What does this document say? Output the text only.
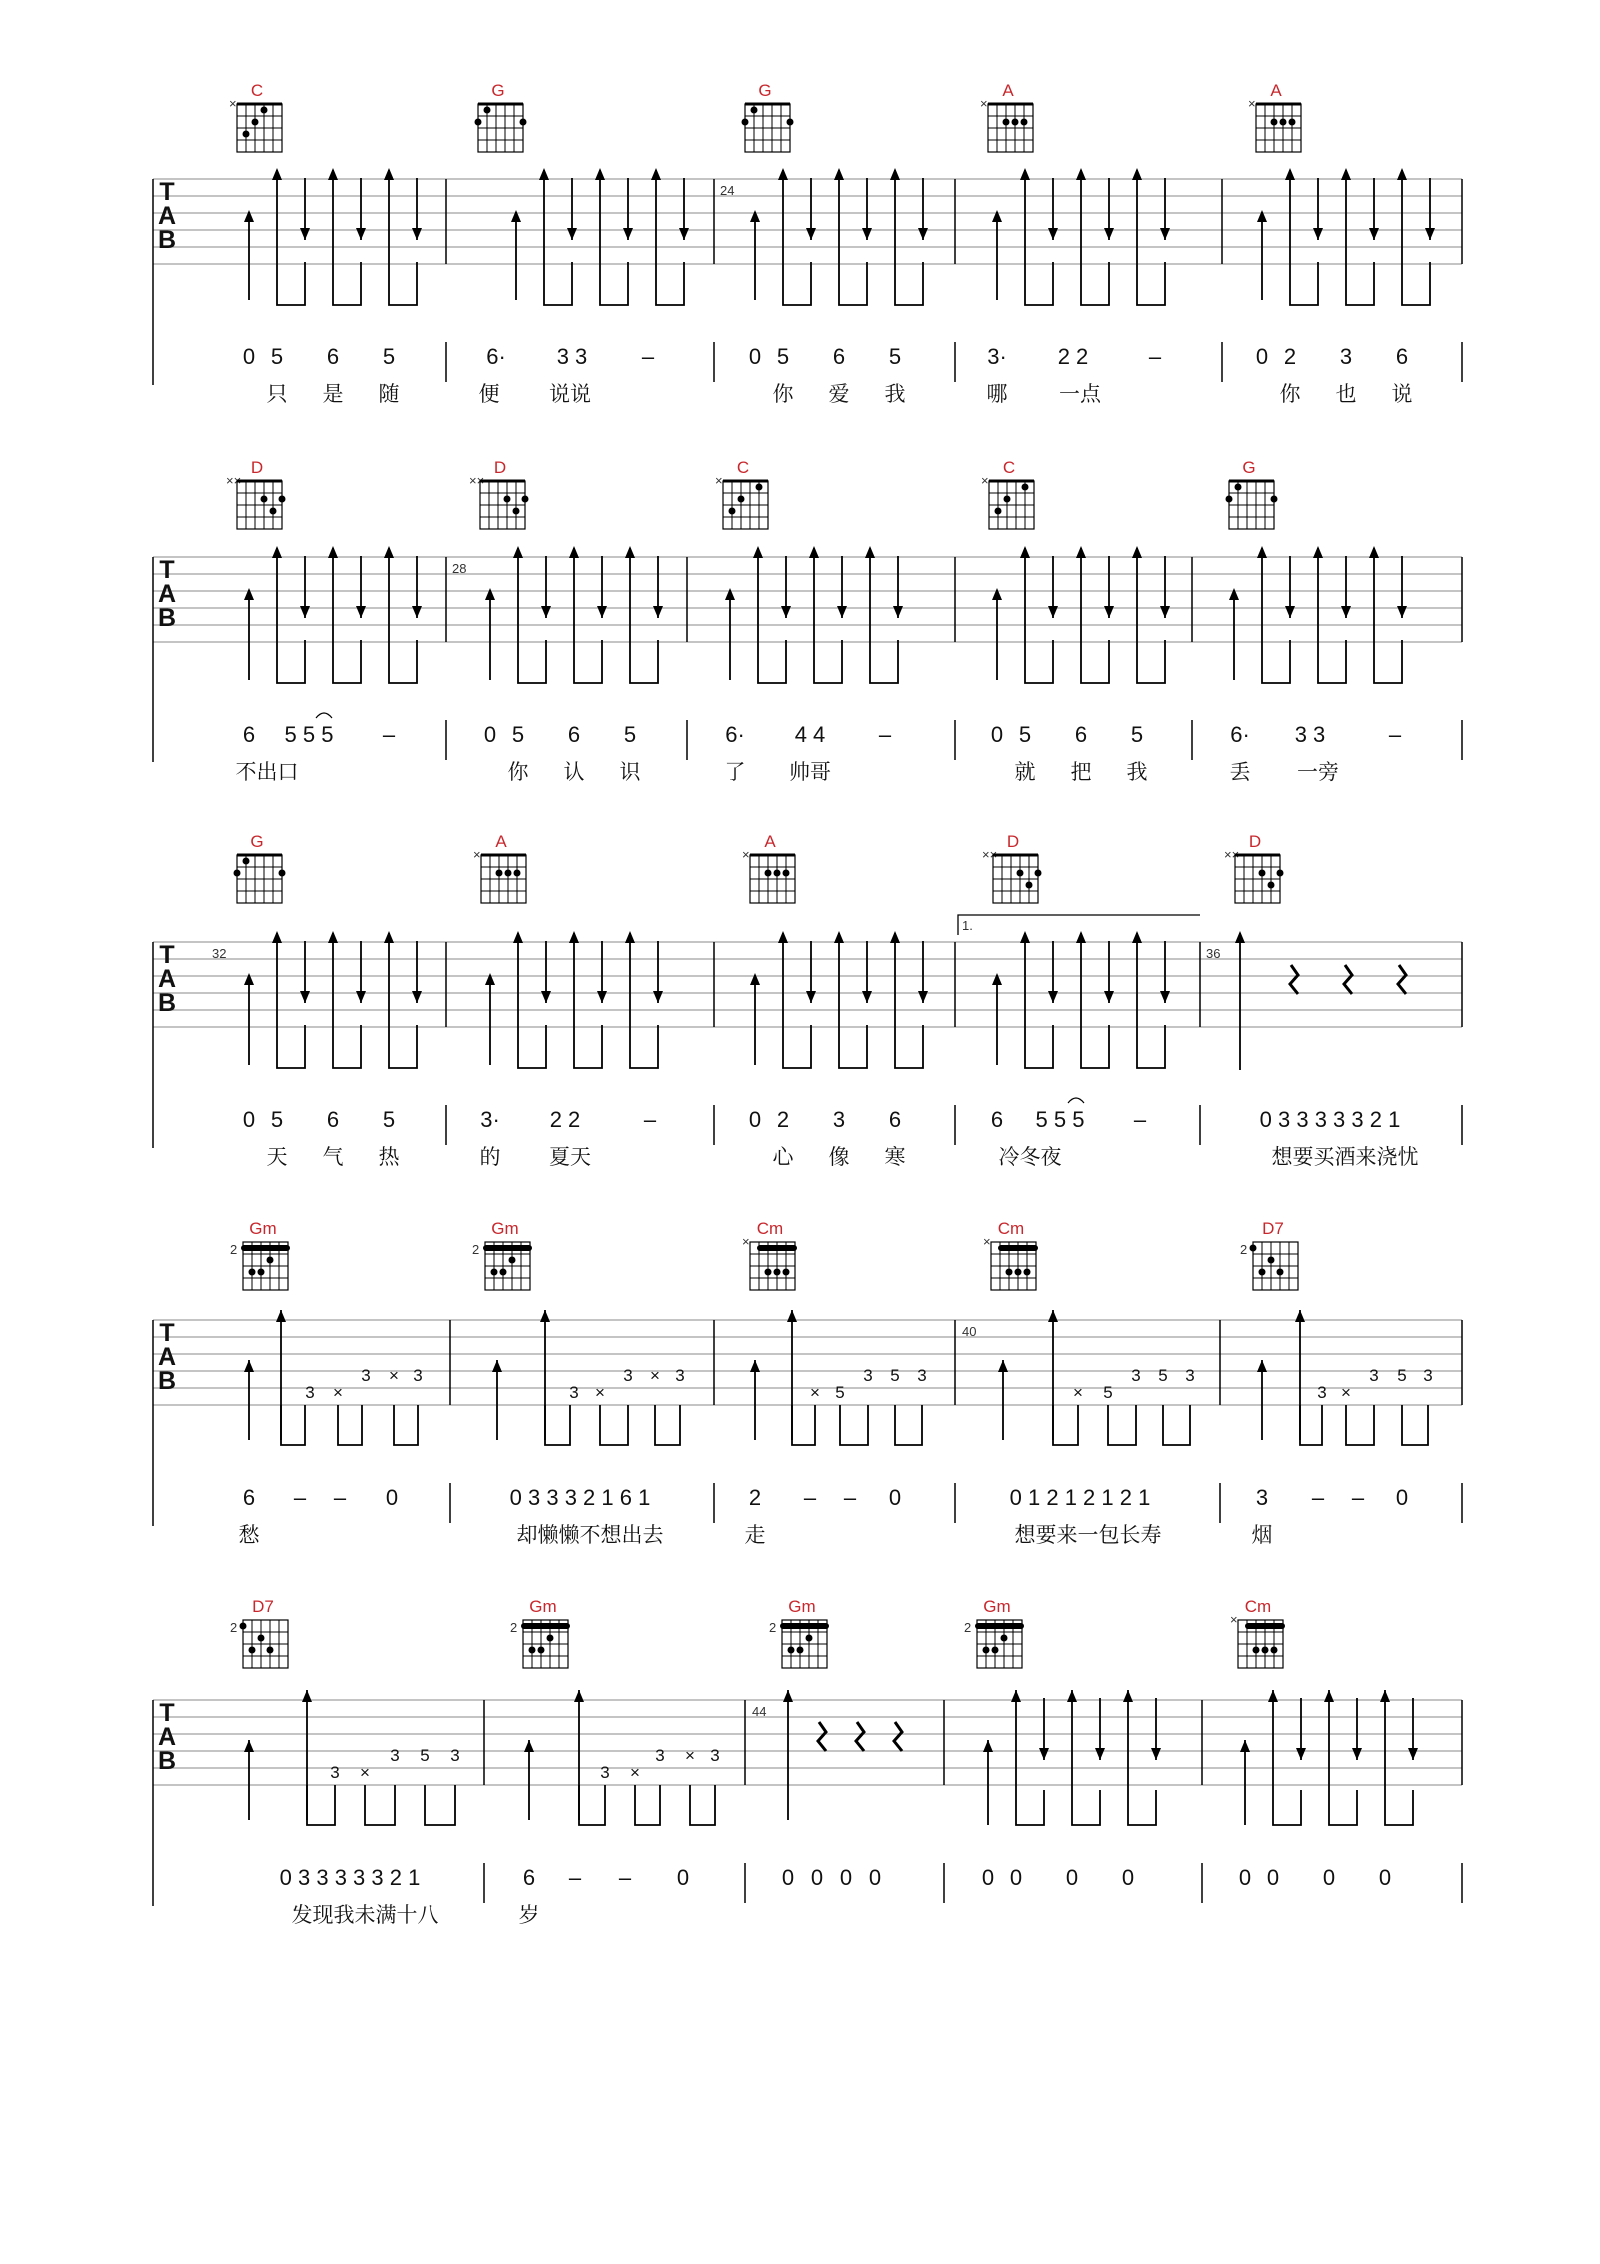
C
×
G	G	A
×
A
×
T A B
24
0 5 6 5	6· 3 3 –	0 5 6 5	3· 2 2	–	0 2 3 6
只 是 随	便 说说	你 爱 我	哪 一点	你 也 说
D
××
D
××
C
×
C
×
G
T A B
28
6 5 5 5 –	0 5 6 5	6· 4 4 –	0 5 6 5	6· 3 3	–
不出口	你 认 识	了 帅哥	就 把 我	丢 一旁
G	A
×
A
×
D
××
D
××
1.
T A B
32	36
0 5 6 5	3· 2 2	–	0 2 3 6	6 5 5 5 –	0 3 3 3 3 3 2 1
天 气 热	的 夏天	心 像 寒	冷冬夜	想要买酒来浇忧
Gm
2
Gm
2
Cm
×
Cm
×
D7
2
T A B
40
3 ×
3 × 3
3 ×
3 × 3
× 5
3 5 3
× 5
3 5 3
3 ×
3 5 3
6 – – 0	0 3 3 3 2 1 6 1	2 – – 0	0 1 2 1 2 1 2 1	3 – – 0
愁	却懒懒不想出去	走	想要来一包长寿	烟
D7
2
Gm
2
Gm
2
Gm
2
Cm
×
T A B
44
3 ×
3 5 3
3 ×
3 × 3
0 3 3 3 3 3 2 1	6 – – 0	0 0 0 0	0 0 0 0	0 0 0 0
发现我未满十八	岁
